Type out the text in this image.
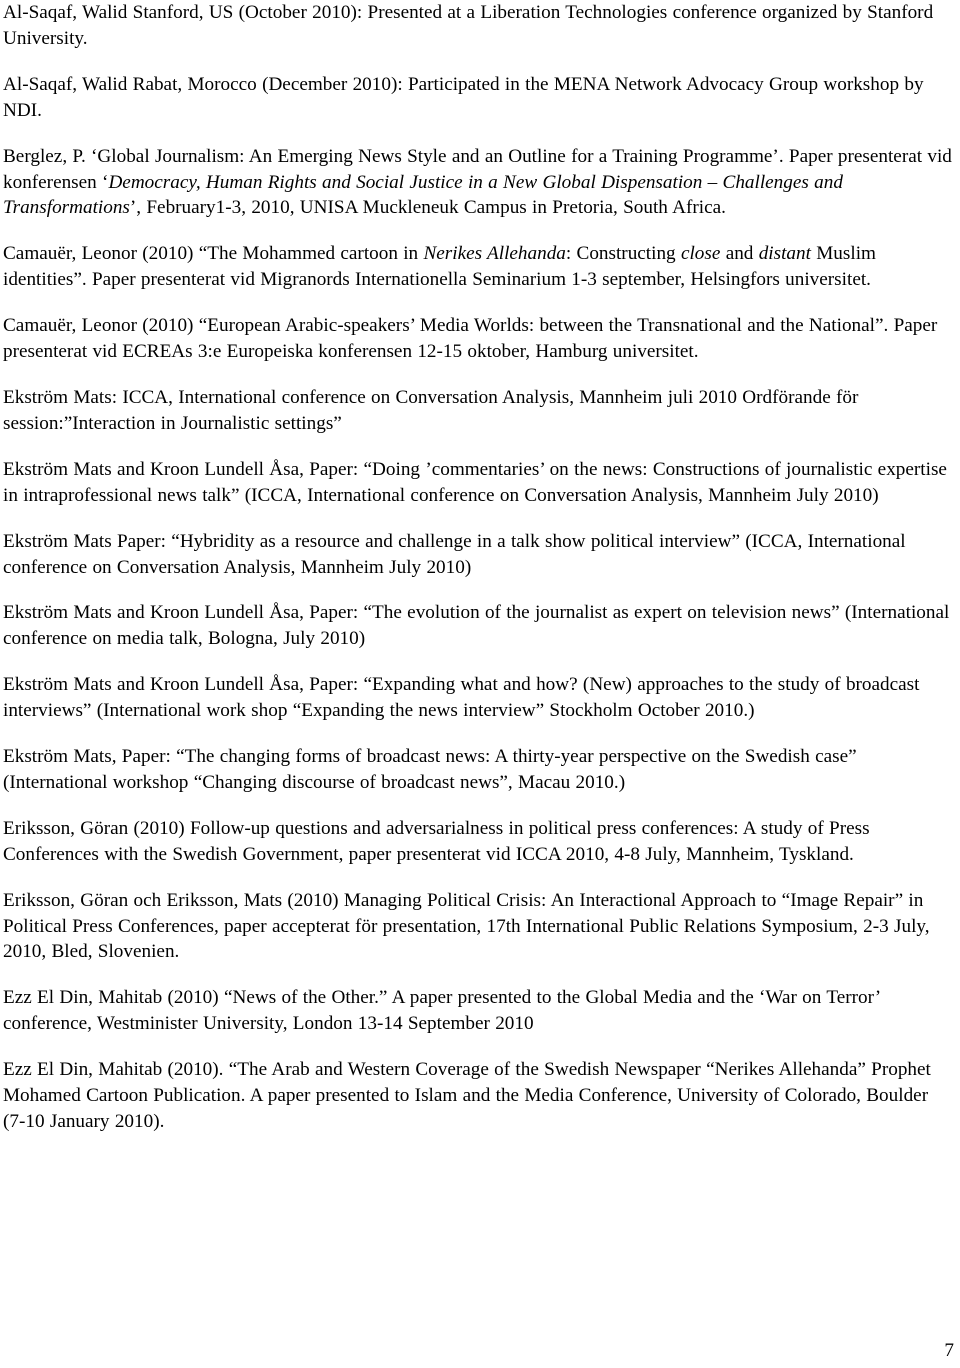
Al-Saqaf, Walid Stanford, US (October 2010): Presented at a Liberation Technologies conference organized by Stanford University.

Al-Saqaf, Walid Rabat, Morocco (December 2010): Participated in the MENA Network Advocacy Group workshop by NDI.

Berglez, P. ‘Global Journalism: An Emerging News Style and an Outline for a Training Programme’. Paper presenterat vid konferensen ‘Democracy, Human Rights and Social Justice in a New Global Dispensation – Challenges and Transformations’, February1-3, 2010, UNISA Muckleneuk Campus in Pretoria, South Africa.

Camauër, Leonor (2010) “The Mohammed cartoon in Nerikes Allehanda: Constructing close and distant Muslim identities”. Paper presenterat vid Migranords Internationella Seminarium 1-3 september, Helsingfors universitet.

Camauër, Leonor (2010) “European Arabic-speakers’ Media Worlds: between the Transnational and the National”. Paper presenterat vid ECREAs 3:e Europeiska konferensen 12-15 oktober, Hamburg universitet.

Ekström Mats: ICCA, International conference on Conversation Analysis, Mannheim juli 2010 Ordförande för session:”Interaction in Journalistic settings”

Ekström Mats and Kroon Lundell Åsa, Paper: “Doing ’commentaries’ on the news: Constructions of journalistic expertise in intraprofessional news talk” (ICCA, International conference on Conversation Analysis, Mannheim July 2010)

Ekström Mats Paper: “Hybridity as a resource and challenge in a talk show political interview” (ICCA, International conference on Conversation Analysis, Mannheim July 2010)

Ekström Mats and Kroon Lundell Åsa, Paper: “The evolution of the journalist as expert on television news” (International conference on media talk, Bologna, July 2010)

Ekström Mats and Kroon Lundell Åsa, Paper: “Expanding what and how? (New) approaches to the study of broadcast interviews” (International work shop “Expanding the news interview” Stockholm October 2010.)

Ekström Mats, Paper: “The changing forms of broadcast news: A thirty-year perspective on the Swedish case” (International workshop “Changing discourse of broadcast news”, Macau 2010.)

Eriksson, Göran (2010) Follow-up questions and adversarialness in political press conferences: A study of Press Conferences with the Swedish Government, paper presenterat vid ICCA 2010, 4-8 July, Mannheim, Tyskland.

Eriksson, Göran och Eriksson, Mats (2010) Managing Political Crisis: An Interactional Approach to “Image Repair” in Political Press Conferences, paper accepterat för presentation, 17th International Public Relations Symposium, 2-3 July, 2010, Bled, Slovenien.

Ezz El Din, Mahitab (2010) “News of the Other.” A paper presented to the Global Media and the ‘War on Terror’ conference, Westminister University, London 13-14 September 2010

Ezz El Din, Mahitab (2010). “The Arab and Western Coverage of the Swedish Newspaper “Nerikes Allehanda” Prophet Mohamed Cartoon Publication. A paper presented to Islam and the Media Conference, University of Colorado, Boulder (7-10 January 2010).

7
